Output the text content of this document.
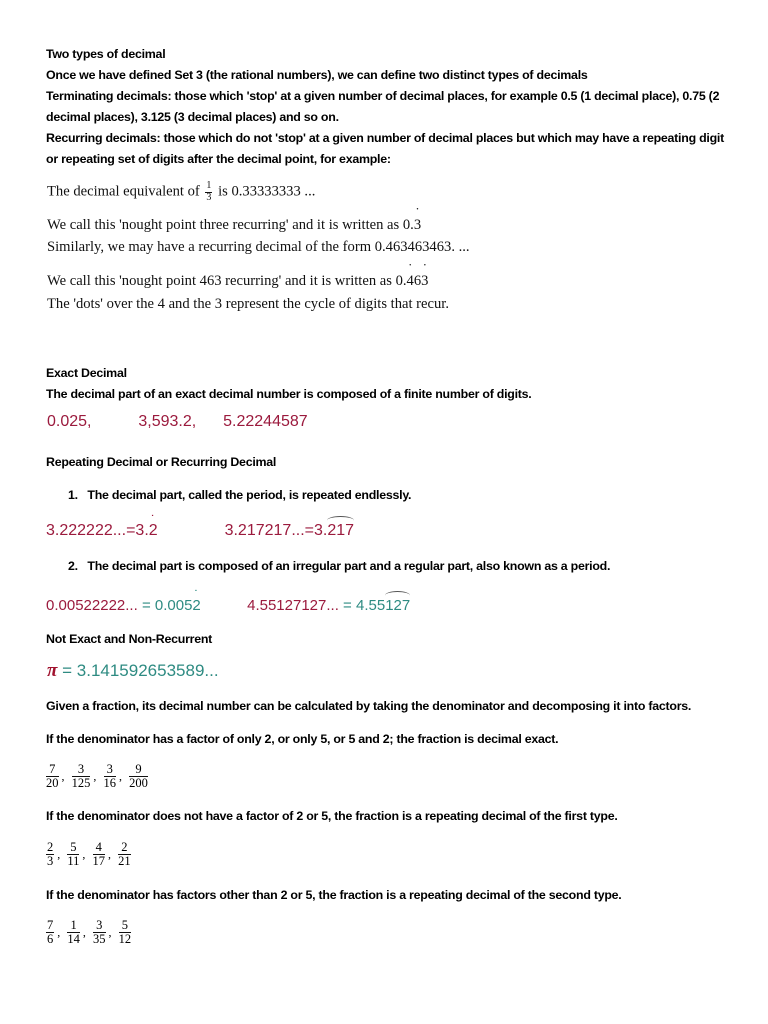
Two types of decimal
Once we have defined Set 3 (the rational numbers), we can define two distinct types of decimals
Terminating decimals: those which 'stop' at a given number of decimal places, for example 0.5 (1 decimal place), 0.75 (2 decimal places), 3.125 (3 decimal places) and so on.
Recurring decimals: those which do not 'stop' at a given number of decimal places but which may have a repeating digit or repeating set of digits after the decimal point, for example:
The decimal equivalent of $\frac{1}{3}$ is 0.33333333 ...
We call this 'nought point three recurring' and it is written as 0.˙ 3
Similarly, we may have a recurring decimal of the form 0.463463463. ...
We call this 'nought point 463 recurring' and it is written as 0.˙ 46˙ 3
The 'dots' over the 4 and the 3 represent the cycle of digits that recur.
Exact Decimal
The decimal part of an exact decimal number is composed of a finite number of digits.
0.025,	3,593.2, 5.22244587
Repeating Decimal or Recurring Decimal
1. The decimal part, called the period, is repeated endlessly.
3.222222...=3.˙ 2	3.217217...=3.
217
2. The decimal part is composed of an irregular part and a regular part, also known as a period.
0.00522222... = 0.005˙ 2	4.55127127... = 4.55
127
Not Exact and Non-Recurrent
π = 3.141592653589...
Given a fraction, its decimal number can be calculated by taking the denominator and decomposing it into factors.
If the denominator has a factor of only 2, or only 5, or 5 and 2; the fraction is decimal exact.
$\frac{7}{20}$ , $\frac{3}{125}$ , $\frac{3}{16}$ , $\frac{9}{200}$
If the denominator does not have a factor of 2 or 5, the fraction is a repeating decimal of the first type.
$\frac{2}{3}$ , $\frac{5}{11}$ , $\frac{4}{17}$ , $\frac{2}{21}$
If the denominator has factors other than 2 or 5, the fraction is a repeating decimal of the second type.
$\frac{7}{6}$ , $\frac{1}{14}$ , $\frac{3}{35}$ , $\frac{5}{12}$
